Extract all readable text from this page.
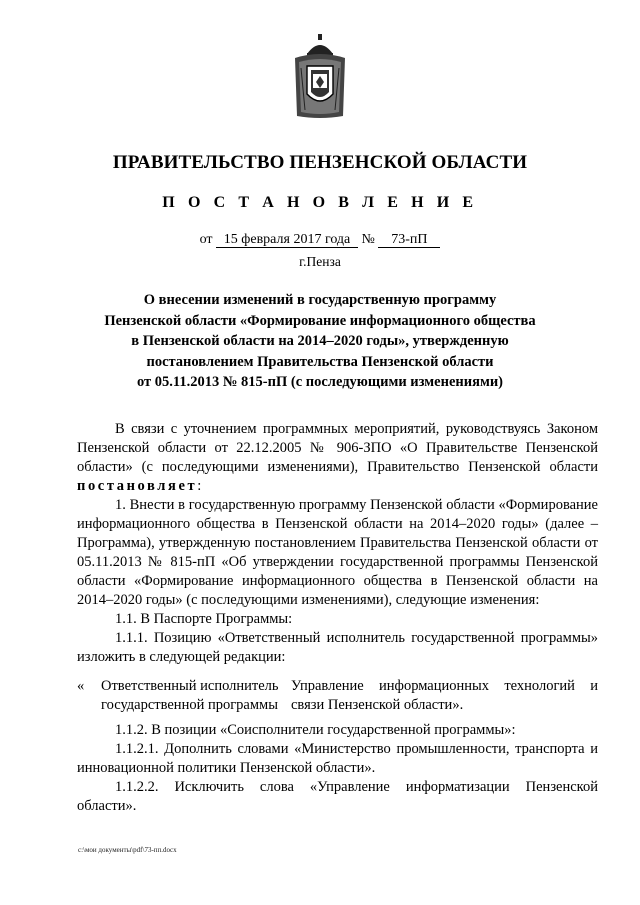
ПРАВИТЕЛЬСТВО ПЕНЗЕНСКОЙ ОБЛАСТИ
П О С Т А Н О В Л Е Н И Е
от 15 февраля 2017 года № 73-пП
г.Пенза
О внесении изменений в государственную программу
Пензенской области «Формирование информационного общества
в Пензенской области на 2014–2020 годы», утвержденную
постановлением Правительства Пензенской области
от 05.11.2013 № 815-пП (с последующими изменениями)

В связи с уточнением программных мероприятий, руководствуясь Законом Пензенской области от 22.12.2005 № 906-ЗПО «О Правительстве Пензенской области» (с последующими изменениями), Правительство Пензенской области постановляет:

1. Внести в государственную программу Пензенской области «Формирование информационного общества в Пензенской области на 2014–2020 годы» (далее – Программа), утвержденную постановлением Правительства Пензенской области от 05.11.2013 № 815-пП «Об утверждении государственной программы Пензенской области «Формирование информационного общества в Пензенской области на 2014–2020 годы» (с последующими изменениями), следующие изменения:

1.1. В Паспорте Программы:

1.1.1. Позицию «Ответственный исполнитель государственной программы» изложить в следующей редакции:

«	Ответственный исполнитель государственной программы
Управление информационных технологий и связи Пензенской области».

1.1.2. В позиции «Соисполнители государственной программы»:

1.1.2.1. Дополнить словами «Министерство промышленности, транспорта и инновационной политики Пензенской области».

1.1.2.2. Исключить слова «Управление информатизации Пензенской области».

c:\мои документы\pdf\73-пп.docx
